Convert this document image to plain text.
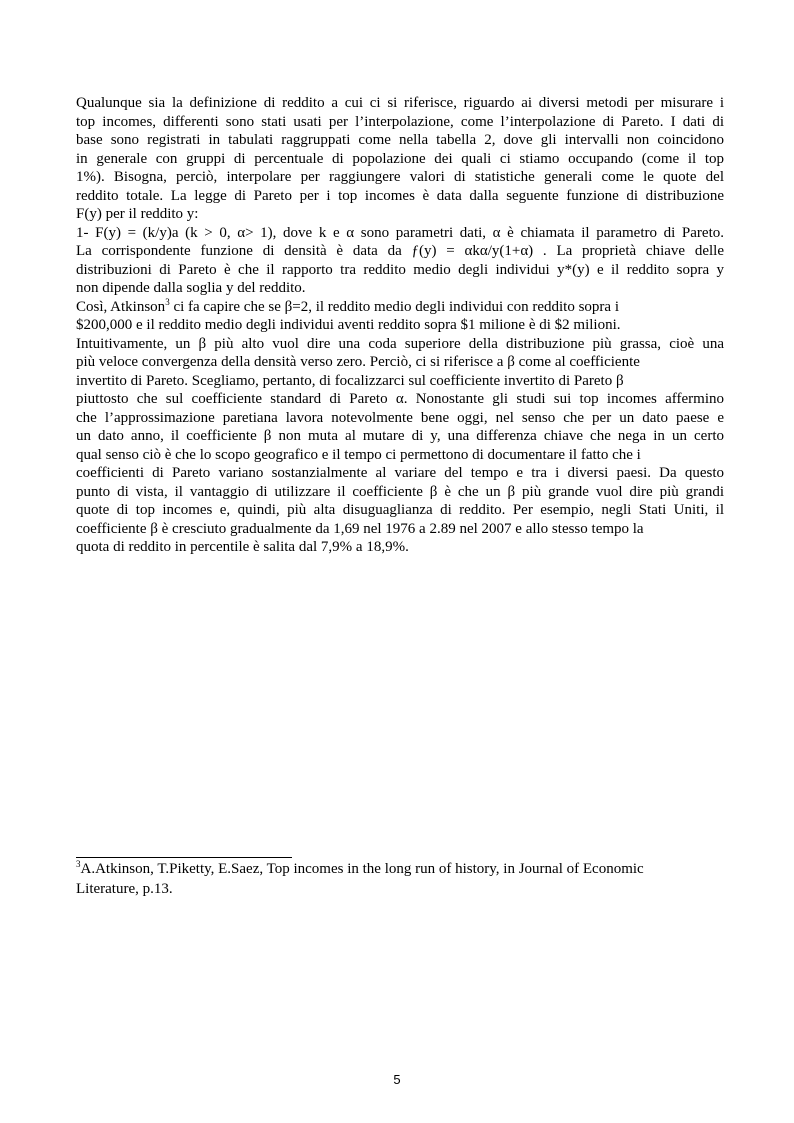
Qualunque sia la definizione di reddito a cui ci si riferisce, riguardo ai diversi metodi per misurare i
top incomes, differenti sono stati usati per l’interpolazione, come l’interpolazione di Pareto. I dati di
base sono registrati in tabulati raggruppati come nella tabella 2, dove gli intervalli non coincidono
in generale con gruppi di percentuale di popolazione dei quali ci stiamo occupando (come il top
1%). Bisogna, perciò, interpolare per raggiungere valori di statistiche generali come le quote del
reddito totale. La legge di Pareto per i top incomes è data dalla seguente funzione di distribuzione
F(y) per il reddito y:
1- F(y) = (k/y)a (k > 0, α> 1), dove k e α sono parametri dati, α è chiamata il parametro di Pareto.
La corrispondente funzione di densità è data da ƒ(y) = αkα/y(1+α) . La proprietà chiave delle
distribuzioni di Pareto è che il rapporto tra reddito medio degli individui y*(y) e il reddito sopra y
non dipende dalla soglia y del reddito.
Così, Atkinson$^3$ ci fa capire che se β=2, il reddito medio degli individui con reddito sopra i
$200,000 e il reddito medio degli individui aventi reddito sopra $1 milione è di $2 milioni.
Intuitivamente, un β più alto vuol dire una coda superiore della distribuzione più grassa, cioè una
più veloce convergenza della densità verso zero. Perciò, ci si riferisce a β come al coefficiente
invertito di Pareto. Scegliamo, pertanto, di focalizzarci sul coefficiente invertito di Pareto β
piuttosto che sul coefficiente standard di Pareto α. Nonostante gli studi sui top incomes affermino
che l’approssimazione paretiana lavora notevolmente bene oggi, nel senso che per un dato paese e
un dato anno, il coefficiente β non muta al mutare di y, una differenza chiave che nega in un certo
qual senso ciò è che lo scopo geografico e il tempo ci permettono di documentare il fatto che i
coefficienti di Pareto variano sostanzialmente al variare del tempo e tra i diversi paesi. Da questo
punto di vista, il vantaggio di utilizzare il coefficiente β è che un β più grande vuol dire più grandi
quote di top incomes e, quindi, più alta disuguaglianza di reddito. Per esempio, negli Stati Uniti, il
coefficiente β è cresciuto gradualmente da 1,69 nel 1976 a 2.89 nel 2007 e allo stesso tempo la
quota di reddito in percentile è salita dal 7,9% a 18,9%.
$^3$A.Atkinson, T.Piketty, E.Saez, Top incomes in the long run of history, in Journal of Economic
Literature, p.13.
5
